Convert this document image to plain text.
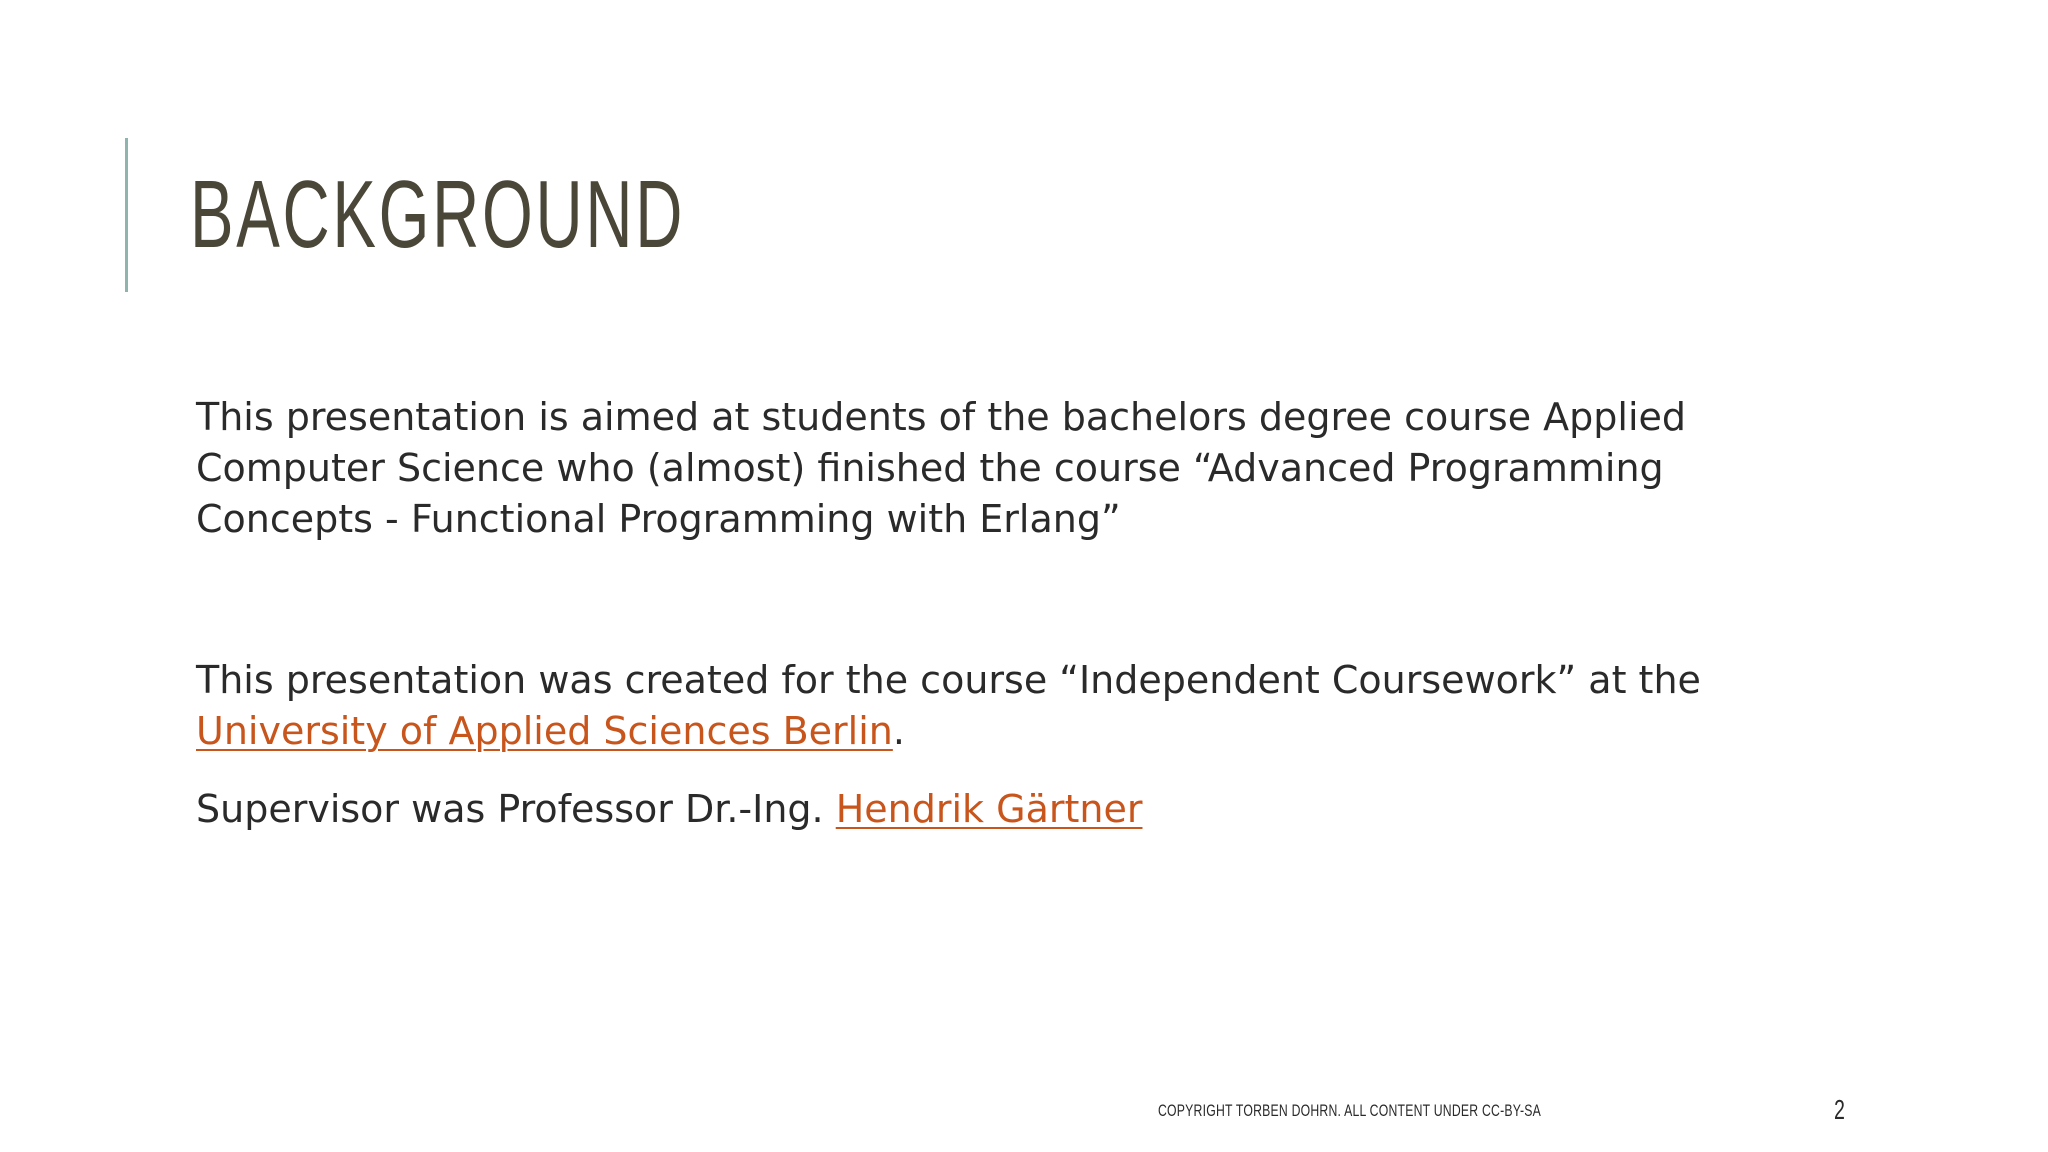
BACKGROUND

This presentation is aimed at students of the bachelors degree course Applied Computer Science who (almost) finished the course “Advanced Programming Concepts - Functional Programming with Erlang”

This presentation was created for the course “Independent Coursework” at the University of Applied Sciences Berlin.

Supervisor was Professor Dr.-Ing. Hendrik Gärtner

COPYRIGHT TORBEN DOHRN. ALL CONTENT UNDER CC-BY-SA	2
